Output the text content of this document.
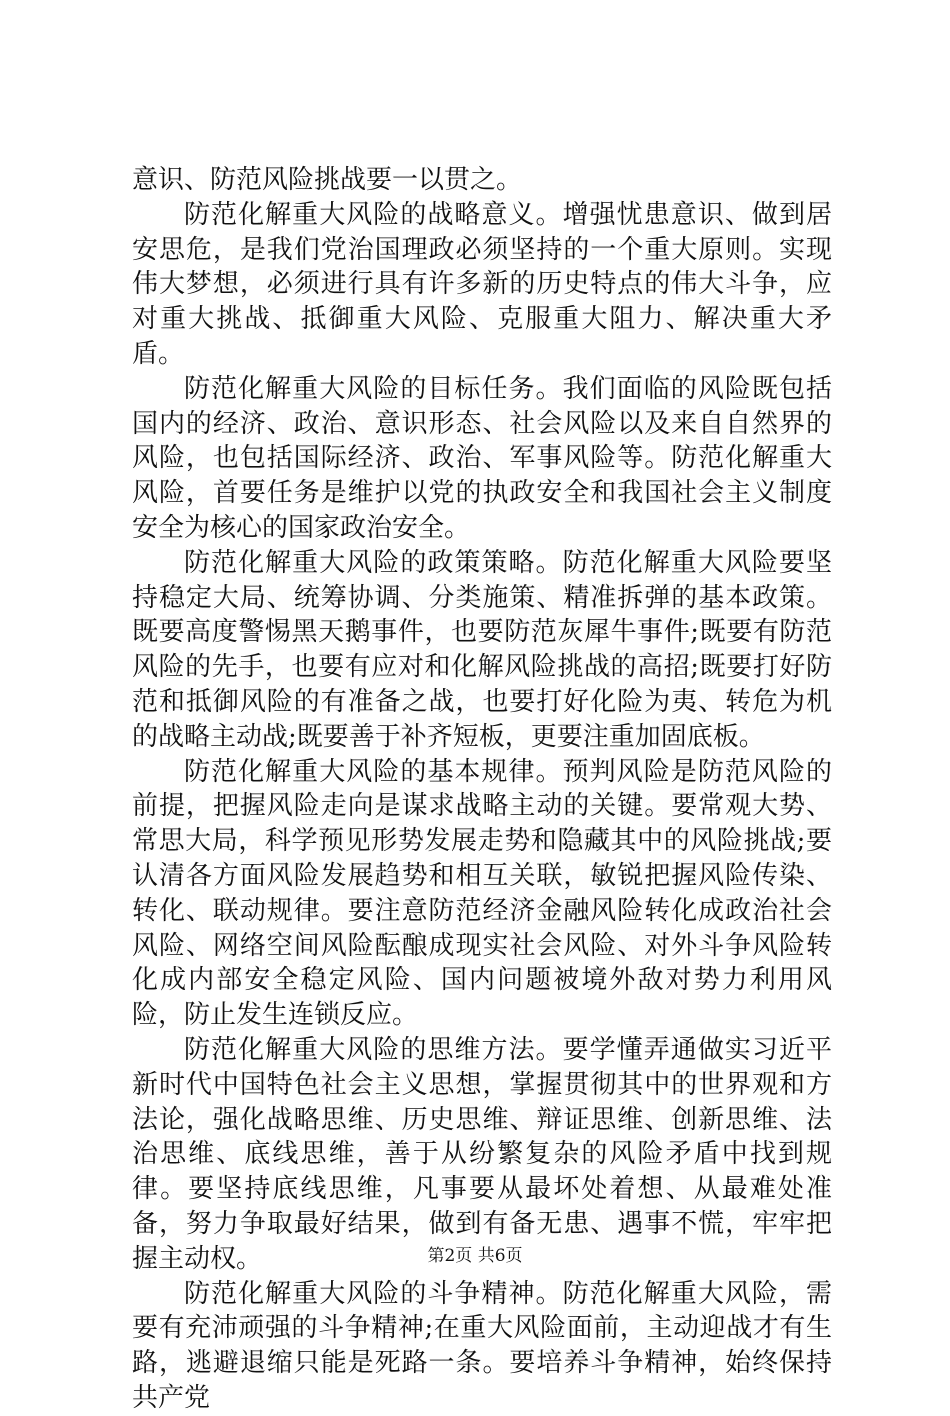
意识、防范风险挑战要一以贯之。

防范化解重大风险的战略意义。增强忧患意识、做到居安思危，是我们党治国理政必须坚持的一个重大原则。实现伟大梦想，必须进行具有许多新的历史特点的伟大斗争，应对重大挑战、抵御重大风险、克服重大阻力、解决重大矛盾。

防范化解重大风险的目标任务。我们面临的风险既包括国内的经济、政治、意识形态、社会风险以及来自自然界的风险，也包括国际经济、政治、军事风险等。防范化解重大风险，首要任务是维护以党的执政安全和我国社会主义制度安全为核心的国家政治安全。

防范化解重大风险的政策策略。防范化解重大风险要坚持稳定大局、统筹协调、分类施策、精准拆弹的基本政策。既要高度警惕黑天鹅事件，也要防范灰犀牛事件;既要有防范风险的先手，也要有应对和化解风险挑战的高招;既要打好防范和抵御风险的有准备之战，也要打好化险为夷、转危为机的战略主动战;既要善于补齐短板，更要注重加固底板。

防范化解重大风险的基本规律。预判风险是防范风险的前提，把握风险走向是谋求战略主动的关键。要常观大势、常思大局，科学预见形势发展走势和隐藏其中的风险挑战;要认清各方面风险发展趋势和相互关联，敏锐把握风险传染、转化、联动规律。要注意防范经济金融风险转化成政治社会风险、网络空间风险酝酿成现实社会风险、对外斗争风险转化成内部安全稳定风险、国内问题被境外敌对势力利用风险，防止发生连锁反应。

防范化解重大风险的思维方法。要学懂弄通做实习近平新时代中国特色社会主义思想，掌握贯彻其中的世界观和方法论，强化战略思维、历史思维、辩证思维、创新思维、法治思维、底线思维，善于从纷繁复杂的风险矛盾中找到规律。要坚持底线思维，凡事要从最坏处着想、从最难处准备，努力争取最好结果，做到有备无患、遇事不慌，牢牢把握主动权。

防范化解重大风险的斗争精神。防范化解重大风险，需要有充沛顽强的斗争精神;在重大风险面前，主动迎战才有生路，逃避退缩只能是死路一条。要培养斗争精神，始终保持共产党

第2页 共6页
